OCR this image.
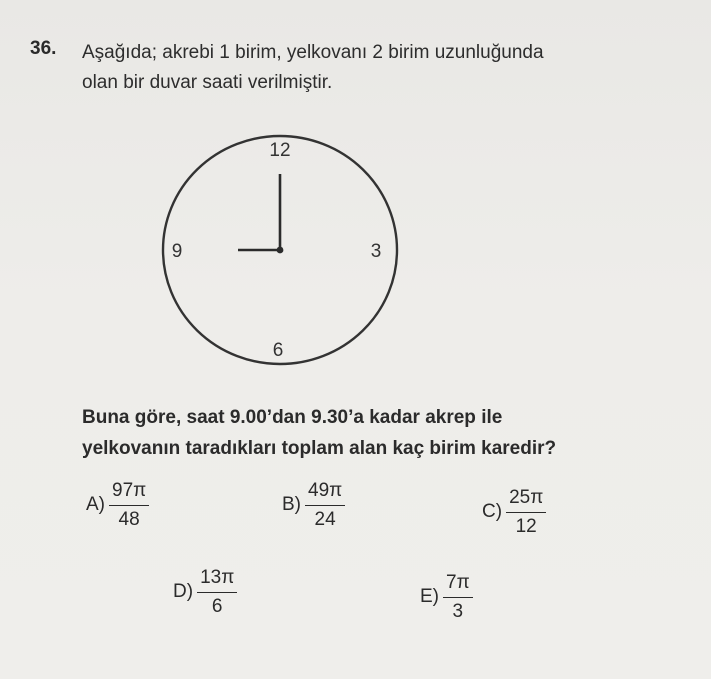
36. Aşağıda; akrebi 1 birim, yelkovanı 2 birim uzunluğunda
olan bir duvar saati verilmiştir.
12
3
6
9
Buna göre, saat 9.00’dan 9.30’a kadar akrep ile
yelkovanın taradıkları toplam alan kaç birim karedir?
$A) \frac{97\pi}{48}$	$B) \frac{49\pi}{24}$	$C) \frac{25\pi}{12}$
$D) \frac{13\pi}{6}$	$E) \frac{7\pi}{3}$
